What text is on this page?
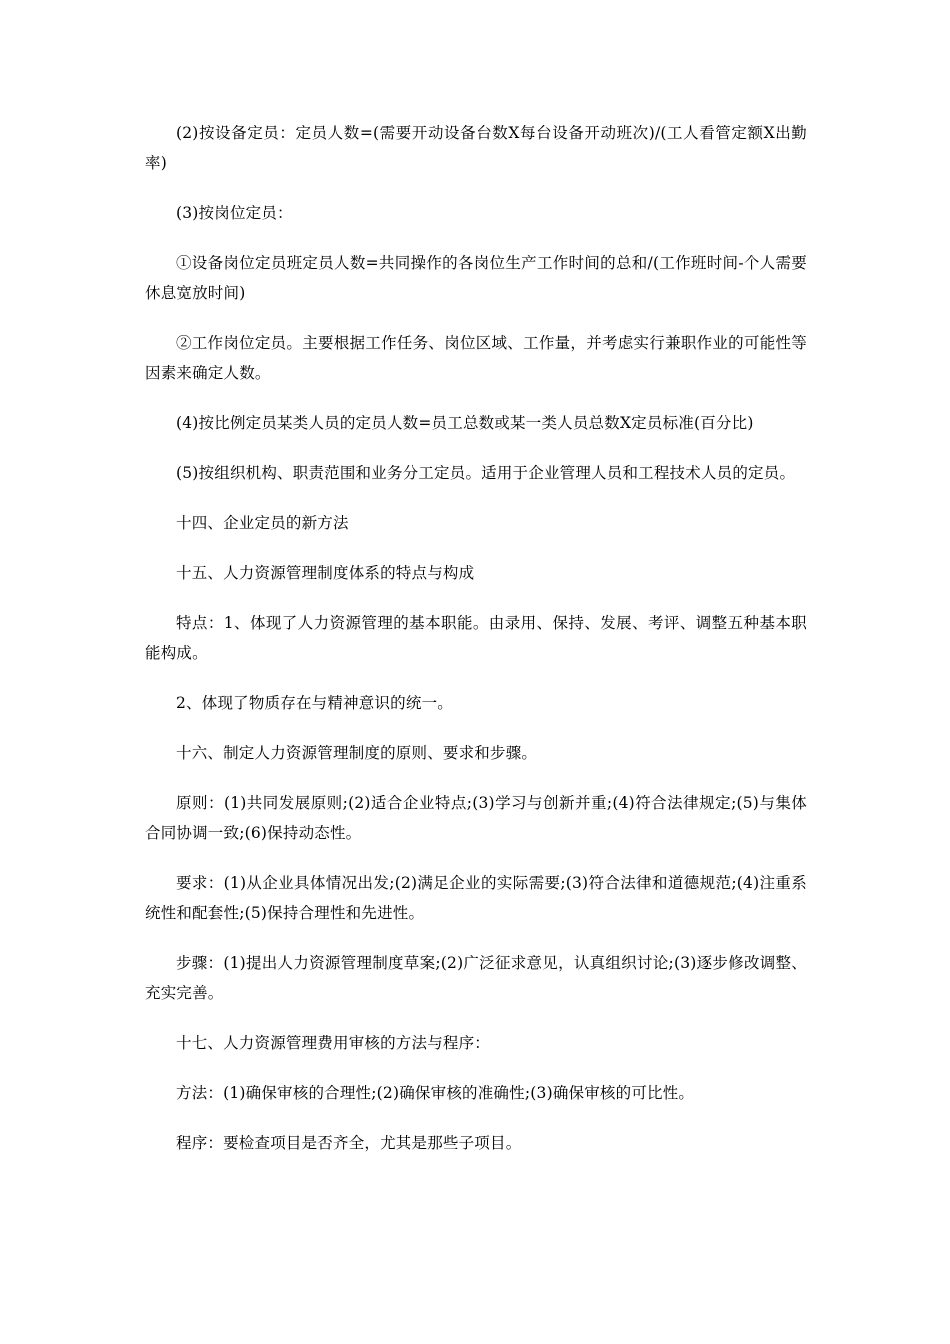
(2)按设备定员：定员人数=(需要开动设备台数X每台设备开动班次)/(工人看管定额X出勤率)

(3)按岗位定员：

①设备岗位定员班定员人数=共同操作的各岗位生产工作时间的总和/(工作班时间-个人需要休息宽放时间)

②工作岗位定员。主要根据工作任务、岗位区域、工作量，并考虑实行兼职作业的可能性等因素来确定人数。

(4)按比例定员某类人员的定员人数=员工总数或某一类人员总数X定员标准(百分比)

(5)按组织机构、职责范围和业务分工定员。适用于企业管理人员和工程技术人员的定员。

十四、企业定员的新方法

十五、人力资源管理制度体系的特点与构成

特点：1、体现了人力资源管理的基本职能。由录用、保持、发展、考评、调整五种基本职能构成。

2、体现了物质存在与精神意识的统一。

十六、制定人力资源管理制度的原则、要求和步骤。

原则：(1)共同发展原则;(2)适合企业特点;(3)学习与创新并重;(4)符合法律规定;(5)与集体合同协调一致;(6)保持动态性。

要求：(1)从企业具体情况出发;(2)满足企业的实际需要;(3)符合法律和道德规范;(4)注重系统性和配套性;(5)保持合理性和先进性。

步骤：(1)提出人力资源管理制度草案;(2)广泛征求意见，认真组织讨论;(3)逐步修改调整、充实完善。

十七、人力资源管理费用审核的方法与程序：

方法：(1)确保审核的合理性;(2)确保审核的准确性;(3)确保审核的可比性。

程序：要检查项目是否齐全，尤其是那些子项目。
